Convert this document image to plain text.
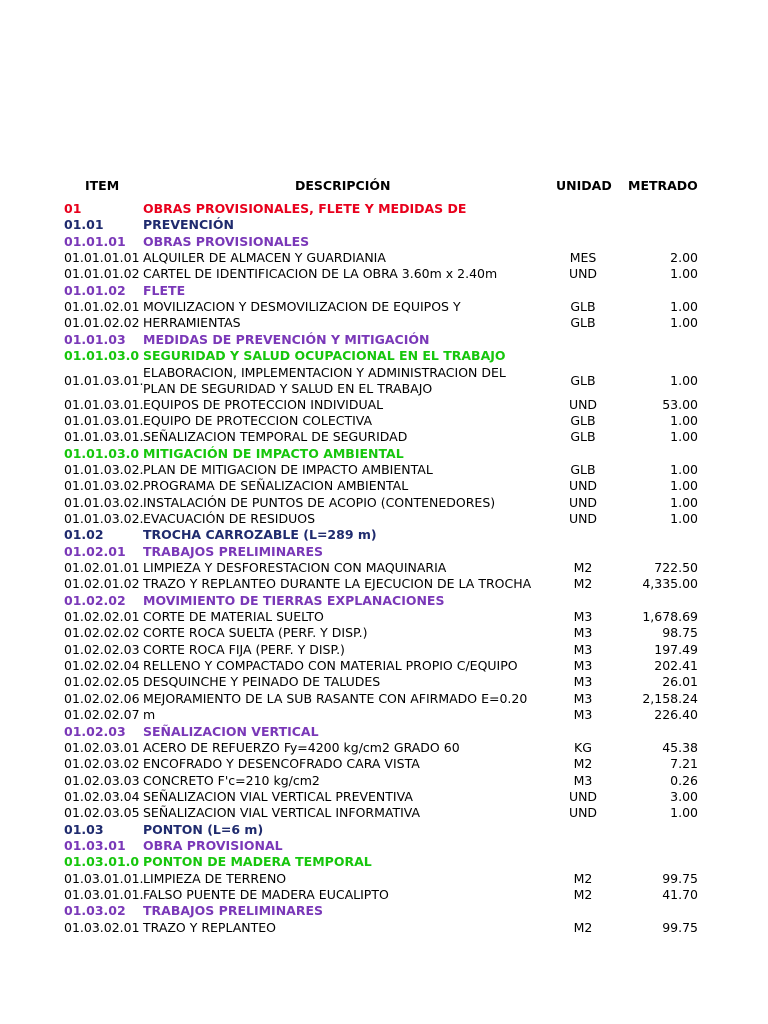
ITEM	DESCRIPCIÓN	UNIDAD METRADO
01	OBRAS PROVISIONALES, FLETE Y MEDIDAS DE
01.01	PREVENCIÓN
01.01.01 OBRAS PROVISIONALES
01.01.01.01 ALQUILER DE ALMACEN Y GUARDIANIA	MES	2.00
01.01.01.02 CARTEL DE IDENTIFICACION DE LA OBRA 3.60m x 2.40m	UND	1.00
01.01.02 FLETE
01.01.02.01 MOVILIZACION Y DESMOVILIZACION DE EQUIPOS Y	GLB	1.00
01.01.02.02 HERRAMIENTAS	GLB	1.00
01.01.03 MEDIDAS DE PREVENCIÓN Y MITIGACIÓN
01.01.03.0 SEGURIDAD Y SALUD OCUPACIONAL EN EL TRABAJO
01.01.03.01.
ELABORACION, IMPLEMENTACION Y ADMINISTRACION DEL PLAN DE SEGURIDAD Y SALUD EN EL TRABAJO
GLB	1.00
01.01.03.01. EQUIPOS DE PROTECCION INDIVIDUAL	UND	53.00
01.01.03.01. EQUIPO DE PROTECCION COLECTIVA	GLB	1.00
01.01.03.01. SEÑALIZACION TEMPORAL DE SEGURIDAD	GLB	1.00
01.01.03.0 MITIGACIÓN DE IMPACTO AMBIENTAL
01.01.03.02. PLAN DE MITIGACION DE IMPACTO AMBIENTAL	GLB	1.00
01.01.03.02. PROGRAMA DE SEÑALIZACION AMBIENTAL	UND	1.00
01.01.03.02. INSTALACIÓN DE PUNTOS DE ACOPIO (CONTENEDORES)	UND	1.00
01.01.03.02. EVACUACIÓN DE RESIDUOS	UND	1.00
01.02	TROCHA CARROZABLE (L=289 m)
01.02.01 TRABAJOS PRELIMINARES
01.02.01.01 LIMPIEZA Y DESFORESTACION CON MAQUINARIA	M2	722.50
01.02.01.02 TRAZO Y REPLANTEO DURANTE LA EJECUCION DE LA TROCHA	M2	4,335.00
01.02.02 MOVIMIENTO DE TIERRAS EXPLANACIONES
01.02.02.01 CORTE DE MATERIAL SUELTO	M3	1,678.69
01.02.02.02 CORTE ROCA SUELTA (PERF. Y DISP.)	M3	98.75
01.02.02.03 CORTE ROCA FIJA (PERF. Y DISP.)	M3	197.49
01.02.02.04 RELLENO Y COMPACTADO CON MATERIAL PROPIO C/EQUIPO	M3	202.41
01.02.02.05 DESQUINCHE Y PEINADO DE TALUDES	M3	26.01
01.02.02.06 MEJORAMIENTO DE LA SUB RASANTE CON AFIRMADO E=0.20	M3	2,158.24
01.02.02.07 m	M3	226.40
01.02.03 SEÑALIZACION VERTICAL
01.02.03.01 ACERO DE REFUERZO Fy=4200 kg/cm2 GRADO 60	KG	45.38
01.02.03.02 ENCOFRADO Y DESENCOFRADO CARA VISTA	M2	7.21
01.02.03.03 CONCRETO F'c=210 kg/cm2	M3	0.26
01.02.03.04 SEÑALIZACION VIAL VERTICAL PREVENTIVA	UND	3.00
01.02.03.05 SEÑALIZACION VIAL VERTICAL INFORMATIVA	UND	1.00
01.03	PONTON (L=6 m)
01.03.01 OBRA PROVISIONAL
01.03.01.0 PONTON DE MADERA TEMPORAL
01.03.01.01. LIMPIEZA DE TERRENO	M2	99.75
01.03.01.01. FALSO PUENTE DE MADERA EUCALIPTO	M2	41.70
01.03.02 TRABAJOS PRELIMINARES
01.03.02.01 TRAZO Y REPLANTEO	M2	99.75
